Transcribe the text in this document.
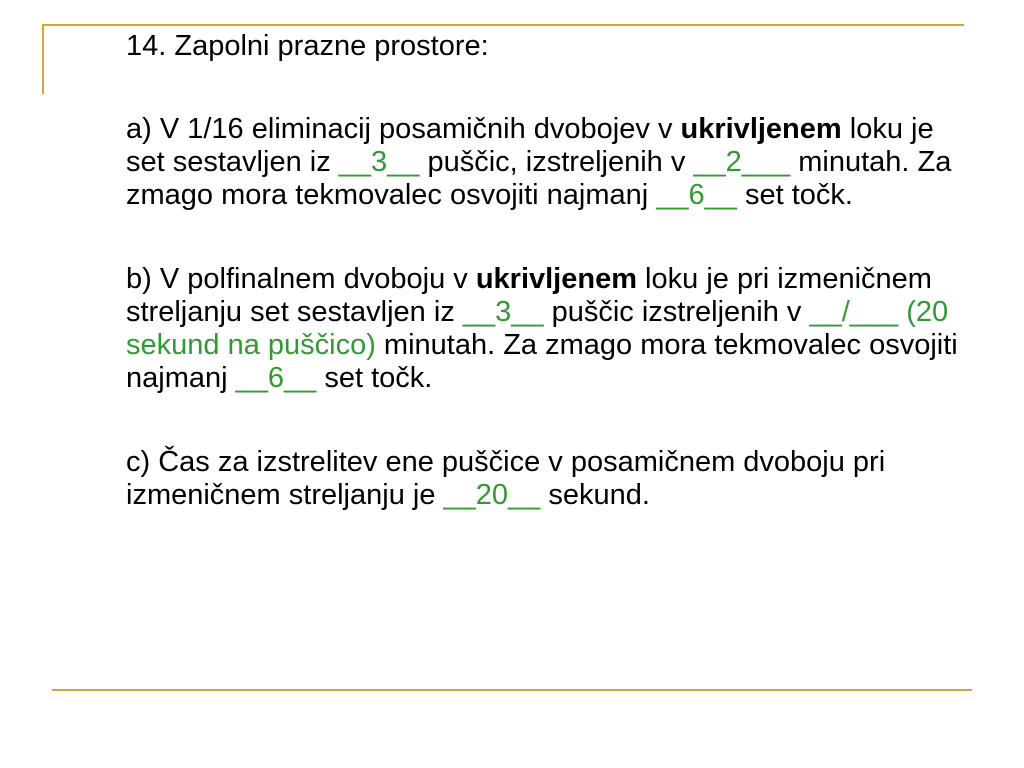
14. Zapolni prazne prostore:

a) V 1/16 eliminacij posamičnih dvobojev v ukrivljenem loku je set sestavljen iz __3__ puščic, izstreljenih v __2___ minutah. Za zmago mora tekmovalec osvojiti najmanj __6__ set točk.

b) V polfinalnem dvoboju v ukrivljenem loku je pri izmeničnem streljanju set sestavljen iz __3__ puščic izstreljenih v __/___ (20 sekund na puščico) minutah. Za zmago mora tekmovalec osvojiti najmanj __6__ set točk.

c) Čas za izstrelitev ene puščice v posamičnem dvoboju pri izmeničnem streljanju je __20__ sekund.
